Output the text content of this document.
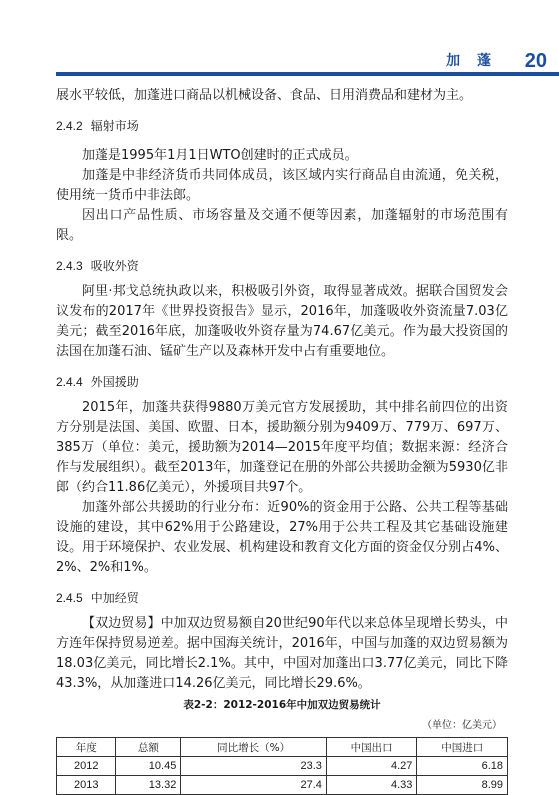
加 蓬 20

展水平较低，加蓬进口商品以机械设备、食品、日用消费品和建材为主。

2.4.2 辐射市场

加蓬是1995年1月1日WTO创建时的正式成员。

加蓬是中非经济货币共同体成员，该区域内实行商品自由流通，免关税，使用统一货币中非法郎。

因出口产品性质、市场容量及交通不便等因素，加蓬辐射的市场范围有限。

2.4.3 吸收外资

阿里·邦戈总统执政以来，积极吸引外资，取得显著成效。据联合国贸发会议发布的2017年《世界投资报告》显示，2016年，加蓬吸收外资流量7.03亿美元；截至2016年底，加蓬吸收外资存量为74.67亿美元。作为最大投资国的法国在加蓬石油、锰矿生产以及森林开发中占有重要地位。

2.4.4 外国援助

2015年，加蓬共获得9880万美元官方发展援助，其中排名前四位的出资方分别是法国、美国、欧盟、日本，援助额分别为9409万、779万、697万、385万（单位：美元，援助额为2014—2015年度平均值；数据来源：经济合作与发展组织）。截至2013年，加蓬登记在册的外部公共援助金额为5930亿非郎（约合11.86亿美元），外援项目共97个。

加蓬外部公共援助的行业分布：近90%的资金用于公路、公共工程等基础设施的建设，其中62%用于公路建设，27%用于公共工程及其它基础设施建设。用于环境保护、农业发展、机构建设和教育文化方面的资金仅分别占4%、2%、2%和1%。

2.4.5 中加经贸

【双边贸易】中加双边贸易额自20世纪90年代以来总体呈现增长势头，中方连年保持贸易逆差。据中国海关统计，2016年，中国与加蓬的双边贸易额为18.03亿美元，同比增长2.1%。其中，中国对加蓬出口3.77亿美元，同比下降43.3%，从加蓬进口14.26亿美元，同比增长29.6%。

表2-2：2012-2016年中加双边贸易统计
（单位：亿美元）
年度	总额	同比增长（%）	中国出口	中国进口
2012	10.45	23.3	4.27	6.18
2013	13.32	27.4	4.33	8.99
